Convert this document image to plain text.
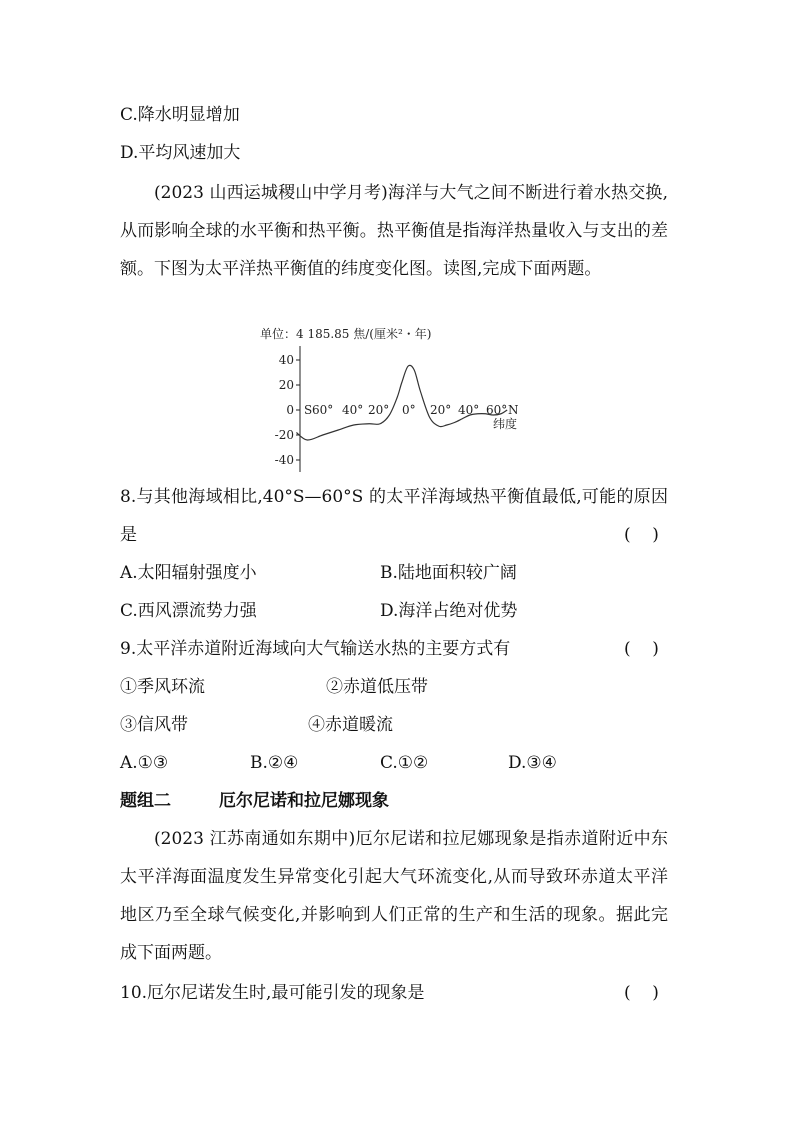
C.降水明显增加
D.平均风速加大
(2023 山西运城稷山中学月考)海洋与大气之间不断进行着水热交换,从而影响全球的水平衡和热平衡。热平衡值是指海洋热量收入与支出的差额。下图为太平洋热平衡值的纬度变化图。读图,完成下面两题。
单位：4 185.85 焦/(厘米²・年)
40
20
0
-20
-40
S 60° 40° 20° 0° 20° 40° 60° N
纬度
8.与其他海域相比,40°S—60°S 的太平洋海域热平衡值最低,可能的原因是	(    )
A.太阳辐射强度小	B.陆地面积较广阔
C.西风漂流势力强	D.海洋占绝对优势
9.太平洋赤道附近海域向大气输送水热的主要方式有	(    )
①季风环流	②赤道低压带
③信风带	④赤道暖流
A.①③	B.②④	C.①②	D.③④
题组二	厄尔尼诺和拉尼娜现象
(2023 江苏南通如东期中)厄尔尼诺和拉尼娜现象是指赤道附近中东太平洋海面温度发生异常变化引起大气环流变化,从而导致环赤道太平洋地区乃至全球气候变化,并影响到人们正常的生产和生活的现象。据此完成下面两题。
10.厄尔尼诺发生时,最可能引发的现象是	(    )
